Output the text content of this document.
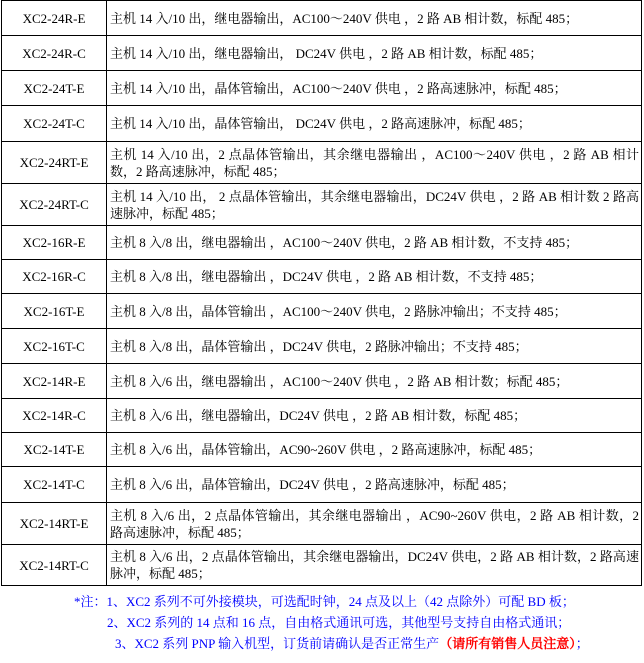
XC2-24R-E	主机 14 入/10 出，继电器输出，AC100～240V 供电 ，2 路 AB 相计数，标配 485；
XC2-24R-C	主机 14 入/10 出，继电器输出， DC24V 供电 ，2 路 AB 相计数，标配 485；
XC2-24T-E	主机 14 入/10 出，晶体管输出，AC100～240V 供电 ，2 路高速脉冲，标配 485；
XC2-24T-C	主机 14 入/10 出，晶体管输出， DC24V 供电 ，2 路高速脉冲，标配 485；
XC2-24RT-E	主机 14 入/10 出，2 点晶体管输出，其余继电器输出 ，AC100～240V 供电 ，2 路 AB 相计数，2 路高速脉冲，标配 485；
XC2-24RT-C	主机 14 入/10 出， 2 点晶体管输出，其余继电器输出，DC24V 供电 ，2 路 AB 相计数 2 路高速脉冲，标配 485；
XC2-16R-E	主机 8 入/8 出，继电器输出 ，AC100～240V 供电，2 路 AB 相计数，不支持 485；
XC2-16R-C	主机 8 入/8 出，继电器输出 ，DC24V 供电 ，2 路 AB 相计数，不支持 485；
XC2-16T-E	主机 8 入/8 出，晶体管输出 ，AC100～240V 供电，2 路脉冲输出；不支持 485；
XC2-16T-C	主机 8 入/8 出，晶体管输出 ，DC24V 供电，2 路脉冲输出；不支持 485；
XC2-14R-E	主机 8 入/6 出，继电器输出 ，AC100～240V 供电 ，2 路 AB 相计数；标配 485；
XC2-14R-C	主机 8 入/6 出，继电器输出，DC24V 供电 ，2 路 AB 相计数，标配 485；
XC2-14T-E	主机 8 入/6 出，晶体管输出，AC90~260V 供电 ，2 路高速脉冲，标配 485；
XC2-14T-C	主机 8 入/6 出，晶体管输出，DC24V 供电 ，2 路高速脉冲，标配 485；
XC2-14RT-E	主机 8 入/6 出，2 点晶体管输出，其余继电器输出 ，AC90~260V 供电，2 路 AB 相计数，2 路高速脉冲，标配 485；
XC2-14RT-C	主机 8 入/6 出，2 点晶体管输出，其余继电器输出，DC24V 供电，2 路 AB 相计数，2 路高速脉冲，标配 485；
*注：1、XC2 系列不可外接模块，可选配时钟，24 点及以上（42 点除外）可配 BD 板；
2、XC2 系列的 14 点和 16 点，自由格式通讯可选，其他型号支持自由格式通讯；
3、XC2 系列 PNP 输入机型，订货前请确认是否正常生产（请所有销售人员注意）；
